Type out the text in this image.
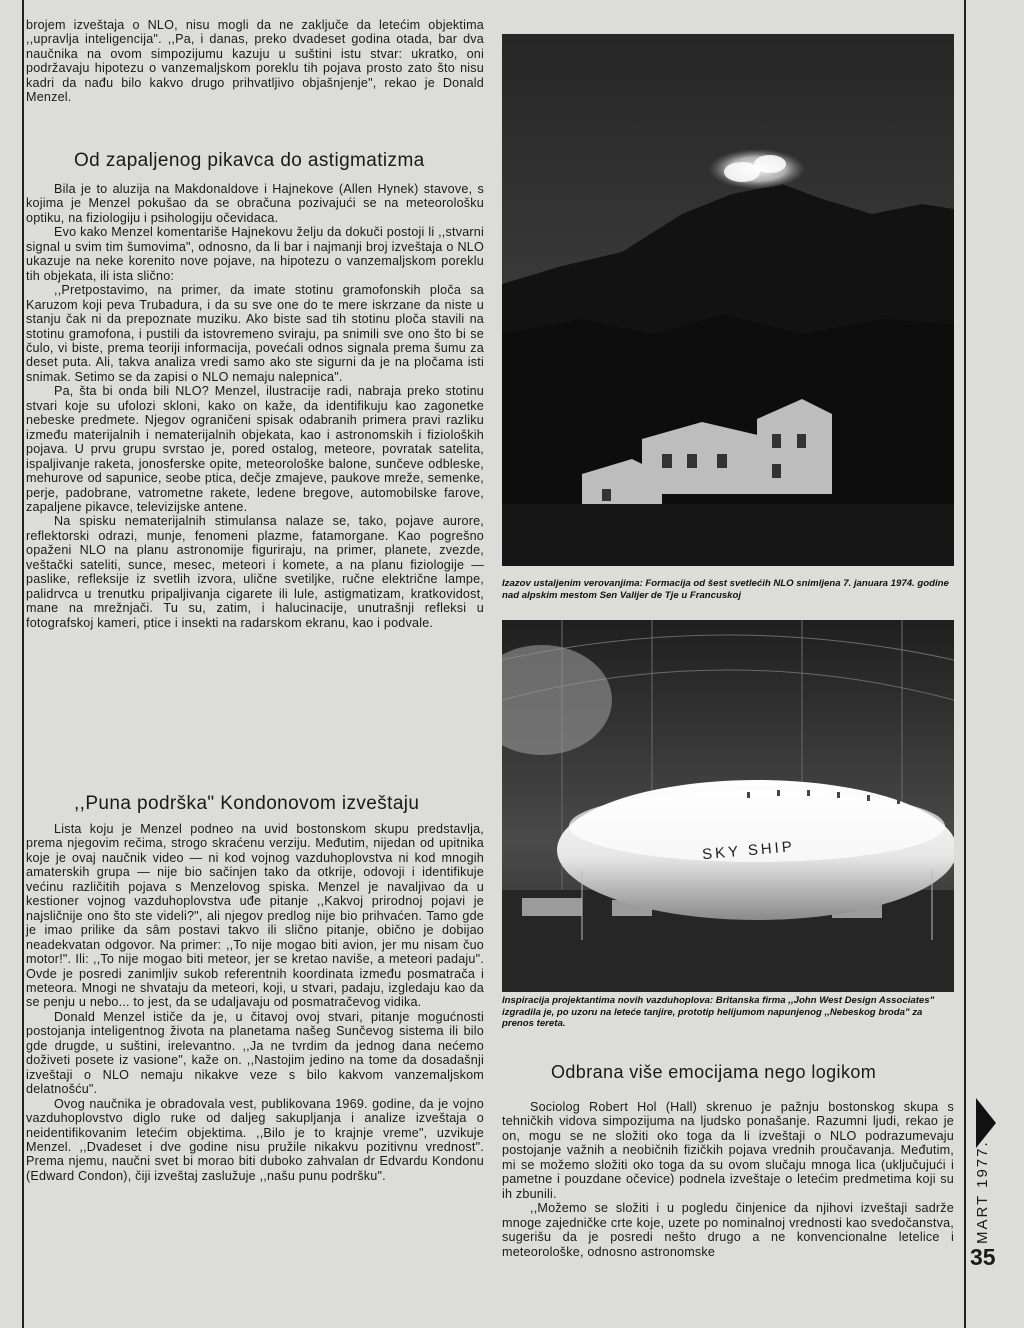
brojem izveštaja o NLO, nisu mogli da ne zaključe da letećim objektima ,,upravlja inteligencija". ,,Pa, i danas, preko dvadeset godina otada, bar dva naučnika na ovom simpozijumu kazuju u suštini istu stvar: ukratko, oni podržavaju hipotezu o vanzemaljskom poreklu tih pojava prosto zato što nisu kadri da nađu bilo kakvo drugo prihvatljivo objašnjenje", rekao je Donald Menzel.

Od zapaljenog pikavca do astigmatizma

Bila je to aluzija na Makdonaldove i Hajnekove (Allen Hynek) stavove, s kojima je Menzel pokušao da se obračuna pozivajući se na meteorološku optiku, na fiziologiju i psihologiju očevidaca.

Evo kako Menzel komentariše Hajnekovu želju da dokuči postoji li ,,stvarni signal u svim tim šumovima", odnosno, da li bar i najmanji broj izveštaja o NLO ukazuje na neke korenito nove pojave, na hipotezu o vanzemaljskom poreklu tih objekata, ili ista slično:

,,Pretpostavimo, na primer, da imate stotinu gramofonskih ploča sa Karuzom koji peva Trubadura, i da su sve one do te mere iskrzane da niste u stanju čak ni da prepoznate muziku. Ako biste sad tih stotinu ploča stavili na stotinu gramofona, i pustili da istovremeno sviraju, pa snimili sve ono što bi se čulo, vi biste, prema teoriji informacija, povećali odnos signala prema šumu za deset puta. Ali, takva analiza vredi samo ako ste sigurni da je na pločama isti snimak. Setimo se da zapisi o NLO nemaju nalepnica".

Pa, šta bi onda bili NLO? Menzel, ilustracije radi, nabraja preko stotinu stvari koje su ufolozi skloni, kako on kaže, da identifikuju kao zagonetke nebeske predmete. Njegov ograničeni spisak odabranih primera pravi razliku između materijalnih i nematerijalnih objekata, kao i astronomskih i fizioloških pojava. U prvu grupu svrstao je, pored ostalog, meteore, povratak satelita, ispaljivanje raketa, jonosferske opite, meteorološke balone, sunčeve odbleske, mehurove od sapunice, seobe ptica, dečje zmajeve, paukove mreže, semenke, perje, padobrane, vatrometne rakete, ledene bregove, automobilske farove, zapaljene pikavce, televizijske antene.

Na spisku nematerijalnih stimulansa nalaze se, tako, pojave aurore, reflektorski odrazi, munje, fenomeni plazme, fatamorgane. Kao pogrešno opaženi NLO na planu astronomije figuriraju, na primer, planete, zvezde, veštački sateliti, sunce, mesec, meteori i komete, a na planu fiziologije — paslike, refleksije iz svetlih izvora, uličnе svetiljke, ručne električne lampe, palidrvca u trenutku pripaljivanja cigarete ili lule, astigmatizam, kratkovidost, mane na mrežnjači. Tu su, zatim, i halucinacije, unutrašnji refleksi u fotografskoj kameri, ptice i insekti na radarskom ekranu, kao i podvale.

,,Puna podrška" Kondonovom izveštaju

Lista koju je Menzel podneo na uvid bostonskom skupu predstavlja, prema njegovim rečima, strogo skraćenu verziju. Međutim, nijedan od upitnika koje je ovaj naučnik video — ni kod vojnog vazduhoplovstva ni kod mnogih amaterskih grupa — nije bio sačinjen tako da otkrije, odovoji i identifikuje većinu različitih pojava s Menzelovog spiska. Menzel je navaljivao da u kestioner vojnog vazduhoplovstva uđe pitanje ,,Kakvoj prirodnoj pojavi je najsličnije ono što ste videli?", ali njegov predlog nije bio prihvaćen. Tamo gde je imao prilike da sâm postavi takvo ili slično pitanje, obično je dobijao neadekvatan odgovor. Na primer: ,,To nije mogao biti avion, jer mu nisam čuo motor!". Ili: ,,To nije mogao biti meteor, jer se kretao naviše, a meteori padaju". Ovde je posredi zanimljiv sukob referentnih koordinata između posmatrača i meteora. Mnogi ne shvataju da meteori, koji, u stvari, padaju, izgledaju kao da se penju u nebo... to jest, da se udaljavaju od posmatračevog vidika.

Donald Menzel ističe da je, u čitavoj ovoj stvari, pitanje mogućnosti postojanja inteligentnog života na planetama našeg Sunčevog sistema ili bilo gde drugde, u suštini, irelevantno. ,,Ja ne tvrdim da jednog dana nećemo doživeti posete iz vasione", kaže on. ,,Nastojim jedino na tome da dosadašnji izveštaji o NLO nemaju nikakve veze s bilo kakvom vanzemaljskom delatnošću".

Ovog naučnika je obradovala vest, publikovana 1969. godine, da je vojno vazduhoplovstvo diglo ruke od daljeg sakupljanja i analize izveštaja o neidentifikovanim letećim objektima. ,,Bilo je to krajnje vreme", uzvikuje Menzel. ,,Dvadeset i dve godine nisu pružile nikakvu pozitivnu vrednost". Prema njemu, naučni svet bi morao biti duboko zahvalan dr Edvardu Kondonu (Edward Condon), čiji izveštaj zaslužuje ,,našu punu podršku".

Izazov ustaljenim verovanjima: Formacija od šest svetlećih NLO snimljena 7. januara 1974. godine nad alpskim mestom Sen Valijer de Tje u Francuskoj
SKY SHIP
Inspiracija projektantima novih vazduhoplova: Britanska firma ,,John West Design Associates" izgradila je, po uzoru na leteće tanjire, prototip helijumom napunjenog ,,Nebeskog broda" za prenos tereta.
Odbrana više emocijama nego logikom

Sociolog Robert Hol (Hall) skrenuo je pažnju bostonskog skupa s tehničkih vidova simpozijuma na ljudsko ponašanje. Razumni ljudi, rekao je on, mogu se ne složiti oko toga da li izveštaji o NLO podrazumevaju postojanje važnih a neobičnih fizičkih pojava vrednih proučavanja. Međutim, mi se možemo složiti oko toga da su ovom slučaju mnoga lica (uključujući i pametne i pouzdane očevice) podnela izveštaje o letećim predmetima koji su ih zbunili.

,,Možemo se složiti i u pogledu činjenice da njihovi izveštaji sadrže mnoge zajedničke crte koje, uzete po nominalnoj vrednosti kao svedočanstva, sugerišu da je posredi nešto drugo a ne konvencionalne letelice i meteorološke, odnosno astronomske

MART 1977.
35
